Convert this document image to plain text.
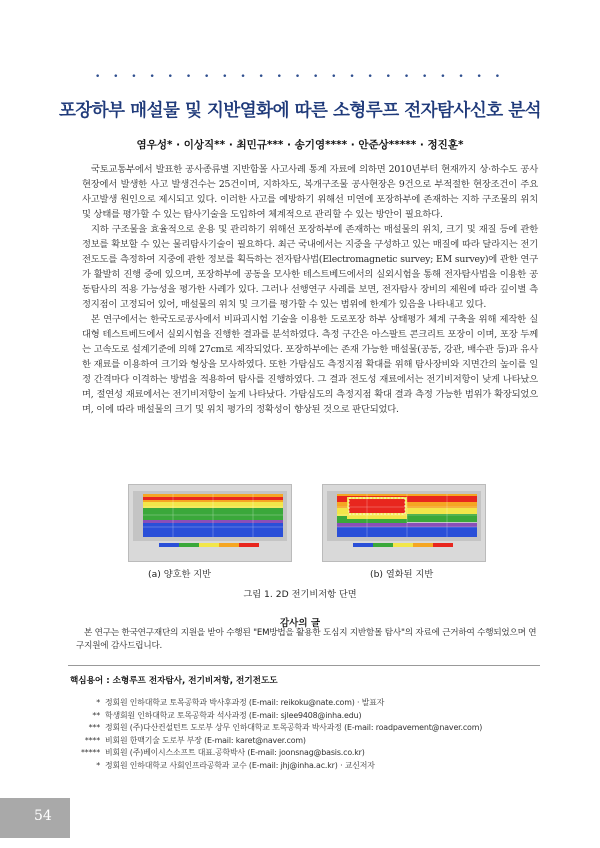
• • • • • • • • • • • • • • • • • • • • • • •
포장하부 매설물 및 지반열화에 따른 소형루프 전자탐사신호 분석
염우성* · 이상직** · 최민규*** · 송기영**** · 안준상***** · 정진훈*

국토교통부에서 발표한 공사종류별 지반함몰 사고사례 통계 자료에 의하면 2010년부터 현재까지 상·하수도 공사현장에서 발생한 사고 발생건수는 25건이며, 지하차도, 복개구조물 공사현장은 9건으로 부적절한 현장조건이 주요 사고발생 원인으로 제시되고 있다. 이러한 사고를 예방하기 위해선 미연에 포장하부에 존재하는 지하 구조물의 위치 및 상태를 평가할 수 있는 탐사기술을 도입하여 체계적으로 관리할 수 있는 방안이 필요하다.

지하 구조물을 효율적으로 운용 및 관리하기 위해선 포장하부에 존재하는 매설물의 위치, 크기 및 재질 등에 관한 정보를 확보할 수 있는 물리탐사기술이 필요하다. 최근 국내에서는 지중을 구성하고 있는 매질에 따라 달라지는 전기전도도를 측정하여 지중에 관한 정보를 획득하는 전자탐사법(Electromagnetic survey; EM survey)에 관한 연구가 활발히 진행 중에 있으며, 포장하부에 공동을 모사한 테스트베드에서의 실외시험을 통해 전자탐사법을 이용한 공동탐사의 적용 가능성을 평가한 사례가 있다. 그러나 선행연구 사례를 보면, 전자탐사 장비의 제원에 따라 깊이별 측정지점이 고정되어 있어, 매설물의 위치 및 크기를 평가할 수 있는 범위에 한계가 있음을 나타내고 있다.

본 연구에서는 한국도로공사에서 비파괴시험 기술을 이용한 도로포장 하부 상태평가 체계 구축을 위해 제작한 실대형 테스트베드에서 실외시험을 진행한 결과를 분석하였다. 측정 구간은 아스팔트 콘크리트 포장이 이며, 포장 두께는 고속도로 설계기준에 의해 27cm로 제작되었다. 포장하부에는 존재 가능한 매설물(공동, 강관, 배수관 등)과 유사한 재료를 이용하여 크기와 형상을 모사하였다. 또한 가탐심도 측정지점 확대를 위해 탐사장비와 지면간의 높이를 일정 간격마다 이격하는 방법을 적용하여 탐사를 진행하였다. 그 결과 전도성 재료에서는 전기비저항이 낮게 나타났으며, 절연성 재료에서는 전기비저항이 높게 나타났다. 가탐심도의 측정지점 확대 결과 측정 가능한 범위가 확장되었으며, 이에 따라 매설물의 크기 및 위치 평가의 정확성이 향상된 것으로 판단되었다.

(a) 양호한 지반	(b) 열화된 지반
그림 1. 2D 전기비저항 단면
감사의 글
본 연구는 한국연구재단의 지원을 받아 수행된 "EM방법을 활용한 도심지 지반함몰 탐사"의 자료에 근거하여 수행되었으며 연구지원에 감사드립니다.
핵심용어 : 소형루프 전자탐사, 전기비저항, 전기전도도
* 정회원 인하대학교 토목공학과 박사후과정 (E-mail: reikoku@nate.com) · 발표자
** 학생회원 인하대학교 토목공학과 석사과정 (E-mail: sjlee9408@inha.edu)
*** 정회원 (주)다산컨설턴트 도로부 상무 인하대학교 토목공학과 박사과정 (E-mail: roadpavement@naver.com)
**** 비회원 한맥기술 도로부 부장 (E-mail: karet@naver.com)
***** 비회원 (주)베이시스소프트 대표.공학박사 (E-mail: joonsnag@basis.co.kr)
* 정회원 인하대학교 사회인프라공학과 교수 (E-mail: jhj@inha.ac.kr) · 교신저자
54
